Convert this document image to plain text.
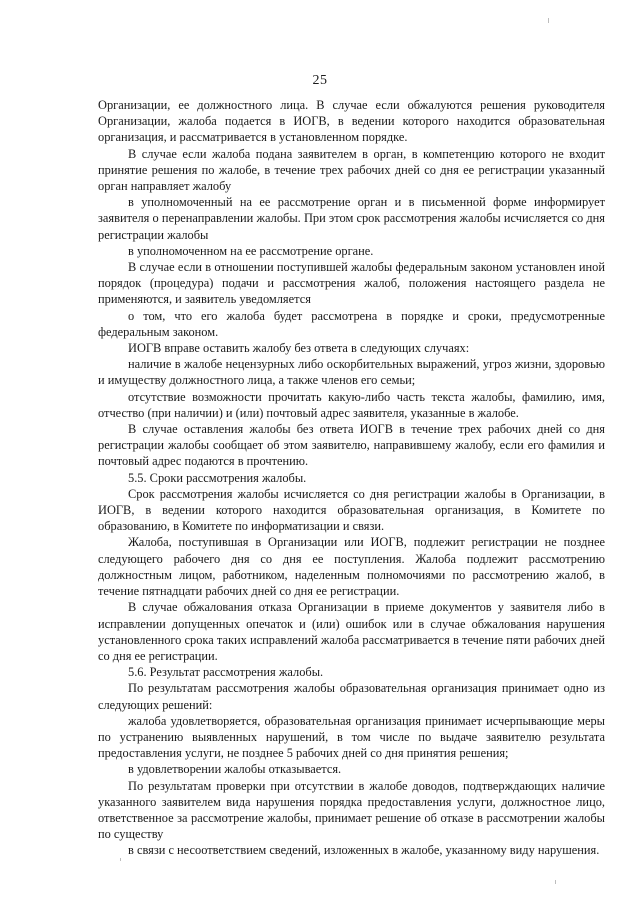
25

Организации, ее должностного лица. В случае если обжалуются решения руководителя Организации, жалоба подается в ИОГВ, в ведении которого находится образовательная организация, и рассматривается в установленном порядке.

В случае если жалоба подана заявителем в орган, в компетенцию которого не входит принятие решения по жалобе, в течение трех рабочих дней со дня ее регистрации указанный орган направляет жалобу

в уполномоченный на ее рассмотрение орган и в письменной форме информирует заявителя о перенаправлении жалобы. При этом срок рассмотрения жалобы исчисляется со дня регистрации жалобы

в уполномоченном на ее рассмотрение органе.

В случае если в отношении поступившей жалобы федеральным законом установлен иной порядок (процедура) подачи и рассмотрения жалоб, положения настоящего раздела не применяются, и заявитель уведомляется

о том, что его жалоба будет рассмотрена в порядке и сроки, предусмотренные федеральным законом.

ИОГВ вправе оставить жалобу без ответа в следующих случаях:

наличие в жалобе нецензурных либо оскорбительных выражений, угроз жизни, здоровью и имуществу должностного лица, а также членов его семьи;

отсутствие возможности прочитать какую-либо часть текста жалобы, фамилию, имя, отчество (при наличии) и (или) почтовый адрес заявителя, указанные в жалобе.

В случае оставления жалобы без ответа ИОГВ в течение трех рабочих дней со дня регистрации жалобы сообщает об этом заявителю, направившему жалобу, если его фамилия и почтовый адрес подаются в прочтению.

5.5. Сроки рассмотрения жалобы.

Срок рассмотрения жалобы исчисляется со дня регистрации жалобы в Организации, в ИОГВ, в ведении которого находится образовательная организация, в Комитете по образованию, в Комитете по информатизации и связи.

Жалоба, поступившая в Организации или ИОГВ, подлежит регистрации не позднее следующего рабочего дня со дня ее поступления. Жалоба подлежит рассмотрению должностным лицом, работником, наделенным полномочиями по рассмотрению жалоб, в течение пятнадцати рабочих дней со дня ее регистрации.

В случае обжалования отказа Организации в приеме документов у заявителя либо в исправлении допущенных опечаток и (или) ошибок или в случае обжалования нарушения установленного срока таких исправлений жалоба рассматривается в течение пяти рабочих дней со дня ее регистрации.

5.6. Результат рассмотрения жалобы.

По результатам рассмотрения жалобы образовательная организация принимает одно из следующих решений:

жалоба удовлетворяется, образовательная организация принимает исчерпывающие меры по устранению выявленных нарушений, в том числе по выдаче заявителю результата предоставления услуги, не позднее 5 рабочих дней со дня принятия решения;

в удовлетворении жалобы отказывается.

По результатам проверки при отсутствии в жалобе доводов, подтверждающих наличие указанного заявителем вида нарушения порядка предоставления услуги, должностное лицо, ответственное за рассмотрение жалобы, принимает решение об отказе в рассмотрении жалобы по существу

в связи с несоответствием сведений, изложенных в жалобе, указанному виду нарушения.
